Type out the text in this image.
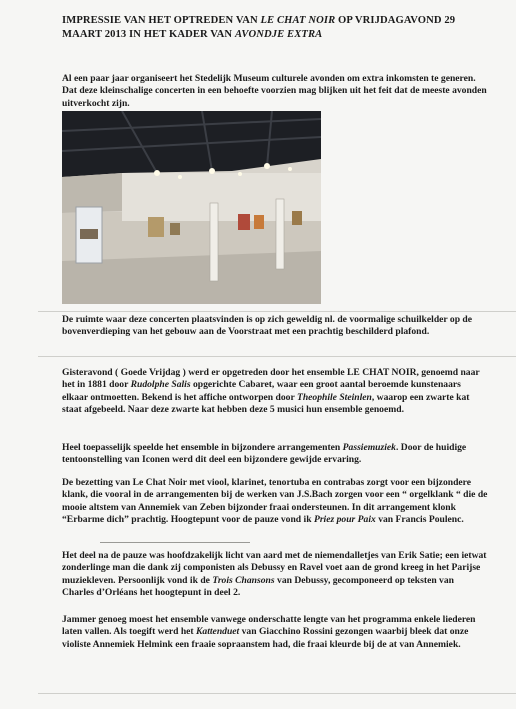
IMPRESSIE VAN HET OPTREDEN VAN LE CHAT NOIR OP VRIJDAGAVOND 29 MAART 2013 IN HET KADER VAN AVONDJE EXTRA
Al een paar jaar organiseert het Stedelijk Museum culturele avonden om extra inkomsten te generen. Dat deze kleinschalige concerten in een behoefte voorzien mag blijken uit het feit dat de meeste avonden uitverkocht zijn.
De ruimte waar deze concerten plaatsvinden is op zich geweldig nl. de voormalige schuilkelder op de bovenverdieping van het gebouw aan de Voorstraat met een prachtig beschilderd plafond.
Gisteravond ( Goede Vrijdag ) werd er opgetreden door het ensemble LE CHAT NOIR, genoemd naar het in 1881 door Rudolphe Salis opgerichte Cabaret, waar een groot aantal beroemde kunstenaars elkaar ontmoetten. Bekend is het affiche ontworpen door Theophile Steinlen, waarop een zwarte kat staat afgebeeld. Naar deze zwarte kat hebben deze 5 musici hun ensemble genoemd.
Heel toepasselijk speelde het ensemble in bijzondere arrangementen Passiemuziek. Door de huidige tentoonstelling van Iconen werd dit deel een bijzondere gewijde ervaring.
De bezetting van Le Chat Noir met viool, klarinet, tenortuba en contrabas zorgt voor een bijzondere klank, die vooral in de arrangementen bij de werken van J.S.Bach zorgen voor een “ orgelklank “ die de mooie altstem van Annemiek van Zeben bijzonder fraai ondersteunen. In dit arrangement klonk “Erbarme dich” prachtig. Hoogtepunt voor de pauze vond ik Priez pour Paix van Francis Poulenc.
Het deel na de pauze was hoofdzakelijk licht van aard met de niemendalletjes van Erik Satie; een ietwat zonderlinge man die dank zij componisten als Debussy en Ravel voet aan de grond kreeg in het Parijse muziekleven. Persoonlijk vond ik de Trois Chansons van Debussy, gecomponeerd op teksten van Charles d’Orléans het hoogtepunt in deel 2.
Jammer genoeg moest het ensemble vanwege onderschatte lengte van het programma enkele liederen laten vallen. Als toegift werd het Kattenduet van Giacchino Rossini gezongen waarbij bleek dat onze violiste Annemiek Helmink een fraaie sopraanstem had, die fraai kleurde bij de at van Annemiek.
